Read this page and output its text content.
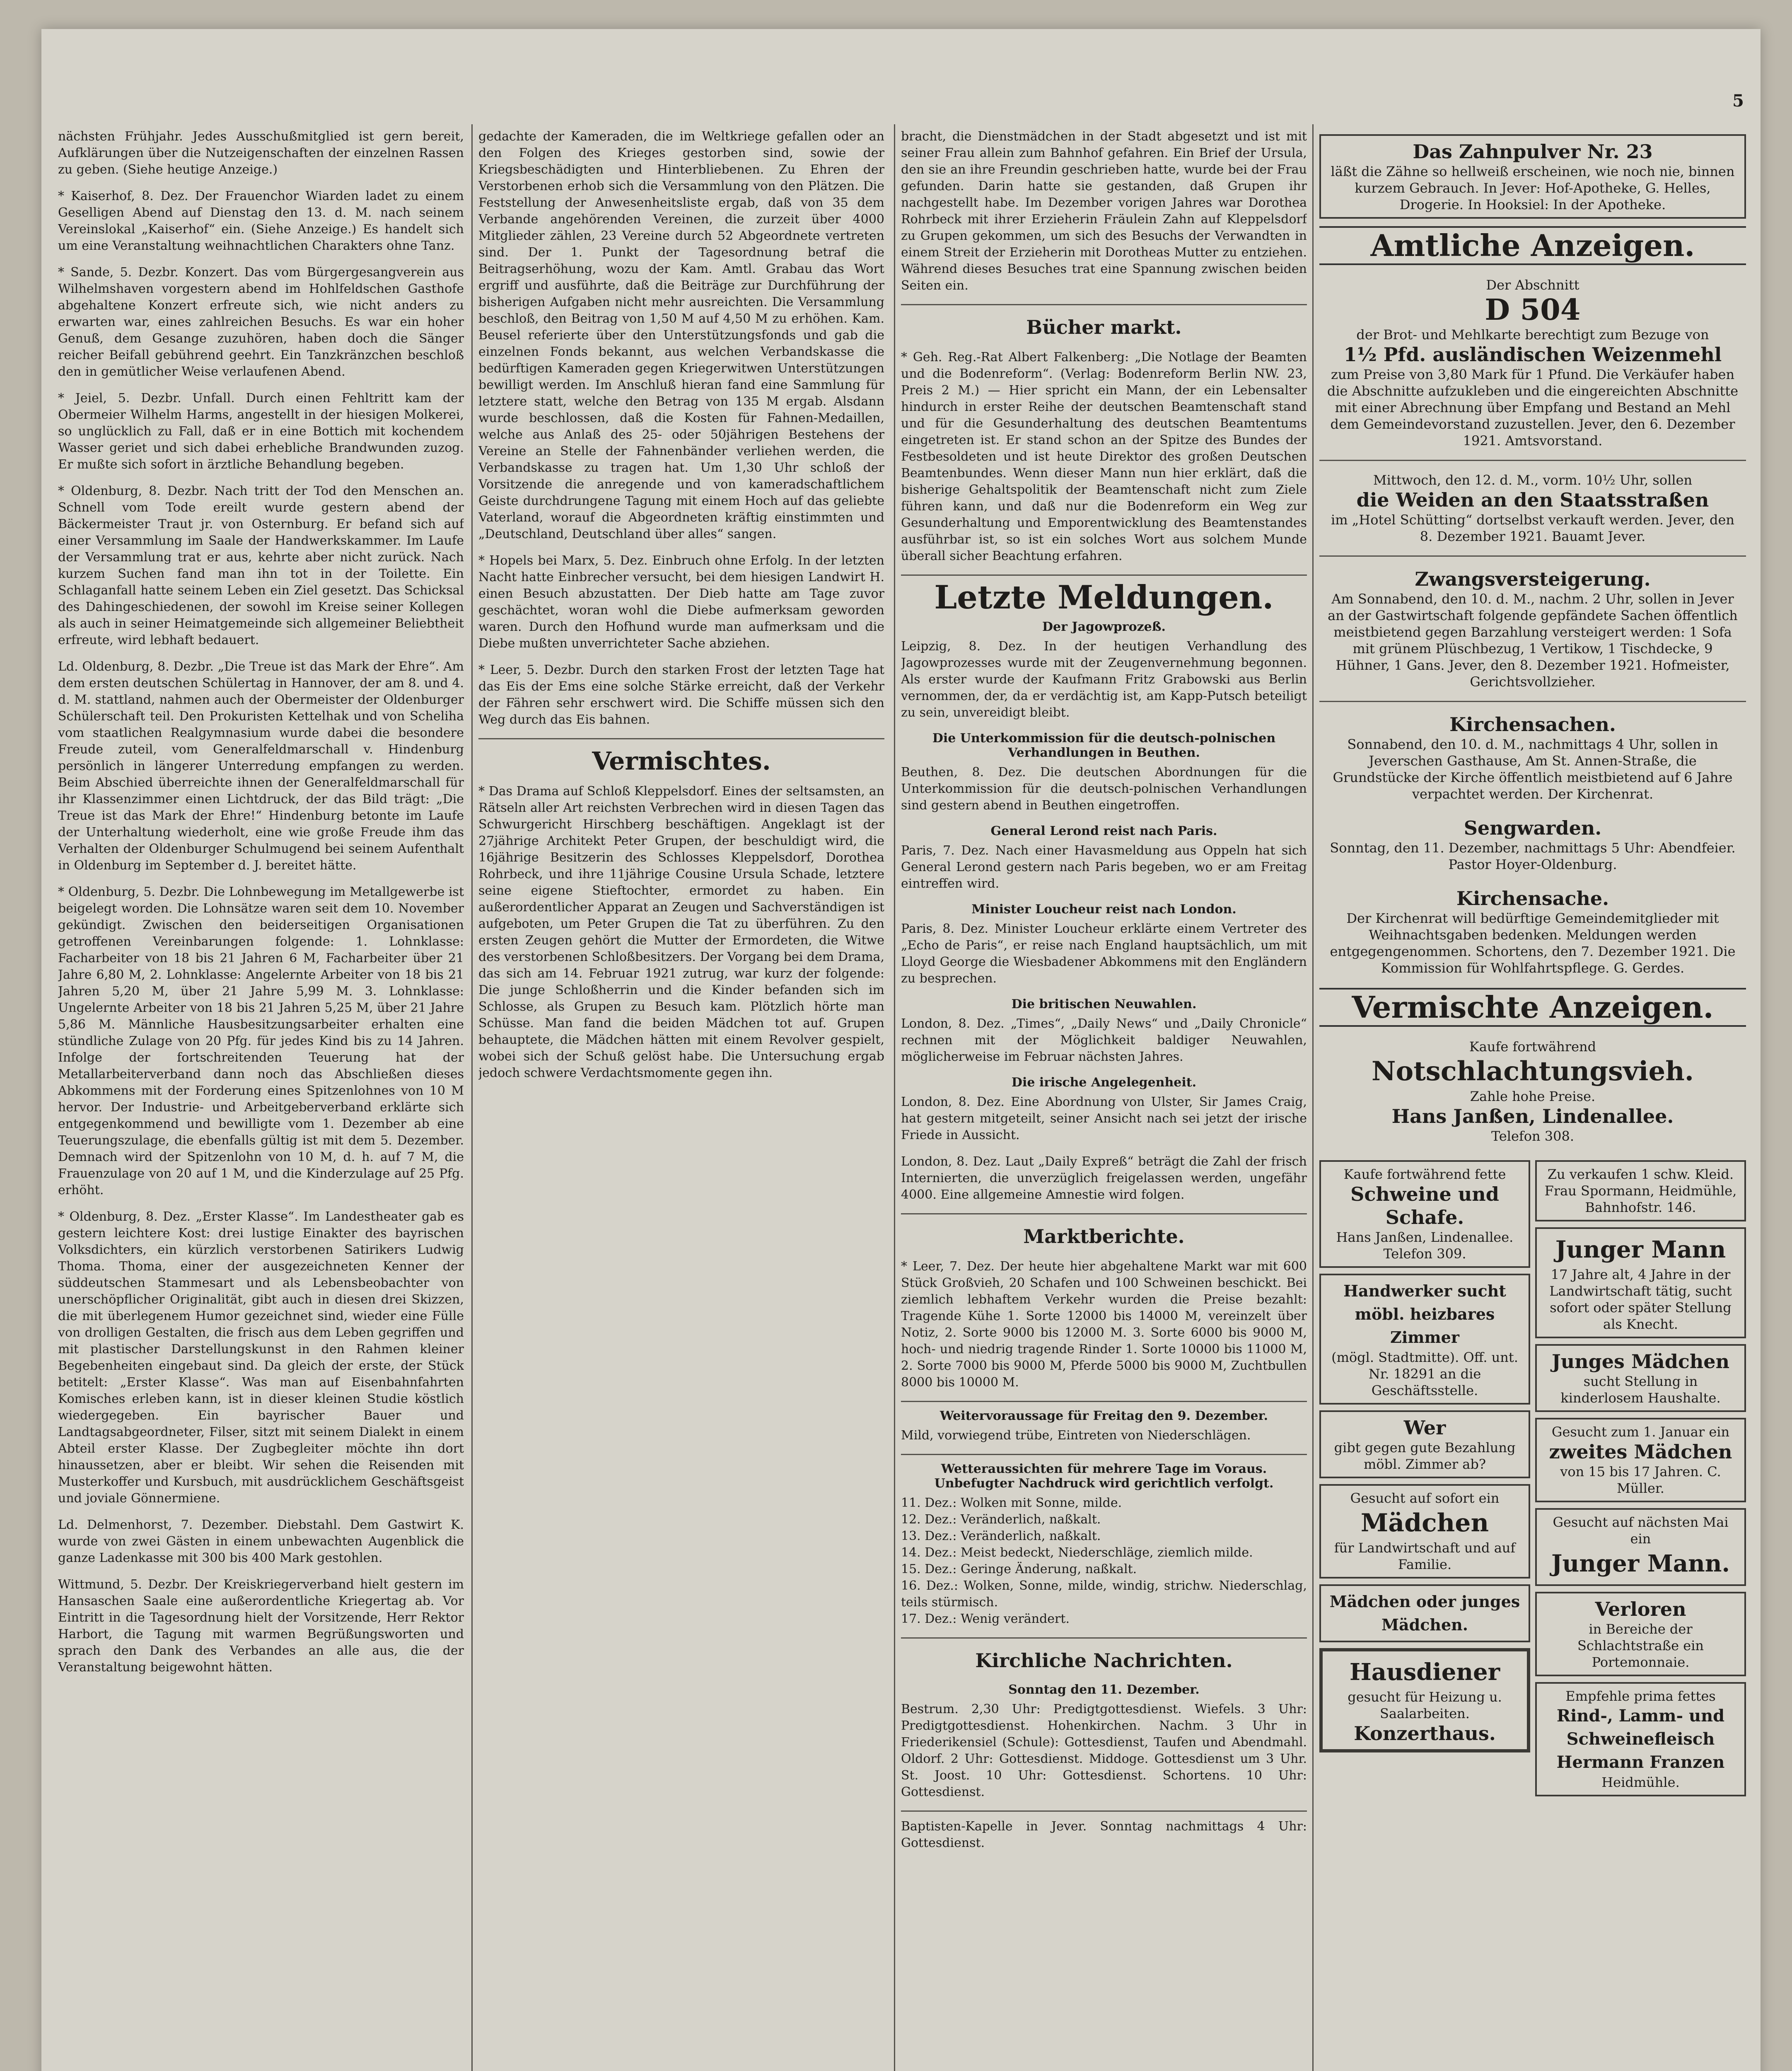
nächsten Frühjahr. Jedes Ausschußmitglied ist gern bereit, Aufklärungen über die Nutzeigenschaften der einzelnen Rassen zu geben. (Siehe heutige Anzeige.)

* Kaiserhof, 8. Dez. Der Frauenchor Wiarden ladet zu einem Geselligen Abend auf Dienstag den 13. d. M. nach seinem Vereinslokal „Kaiserhof“ ein. (Siehe Anzeige.) Es handelt sich um eine Veranstaltung weihnachtlichen Charakters ohne Tanz.

* Sande, 5. Dezbr. Konzert. Das vom Bürgergesangverein aus Wilhelmshaven vorgestern abend im Hohlfeldschen Gasthofe abgehaltene Konzert erfreute sich, wie nicht anders zu erwarten war, eines zahlreichen Besuchs. Es war ein hoher Genuß, dem Gesange zuzuhören, haben doch die Sänger reicher Beifall gebührend geehrt. Ein Tanzkränzchen beschloß den in gemütlicher Weise verlaufenen Abend.

* Jeiel, 5. Dezbr. Unfall. Durch einen Fehltritt kam der Obermeier Wilhelm Harms, angestellt in der hiesigen Molkerei, so unglücklich zu Fall, daß er in eine Bottich mit kochendem Wasser geriet und sich dabei erhebliche Brandwunden zuzog. Er mußte sich sofort in ärztliche Behandlung begeben.

* Oldenburg, 8. Dezbr. Nach tritt der Tod den Menschen an. Schnell vom Tode ereilt wurde gestern abend der Bäckermeister Traut jr. von Osternburg. Er befand sich auf einer Versammlung im Saale der Handwerkskammer. Im Laufe der Versammlung trat er aus, kehrte aber nicht zurück. Nach kurzem Suchen fand man ihn tot in der Toilette. Ein Schlaganfall hatte seinem Leben ein Ziel gesetzt. Das Schicksal des Dahingeschiedenen, der sowohl im Kreise seiner Kollegen als auch in seiner Heimatgemeinde sich allgemeiner Beliebtheit erfreute, wird lebhaft bedauert.

Ld. Oldenburg, 8. Dezbr. „Die Treue ist das Mark der Ehre“. Am dem ersten deutschen Schülertag in Hannover, der am 8. und 4. d. M. stattland, nahmen auch der Obermeister der Oldenburger Schülerschaft teil. Den Prokuristen Kettelhak und von Scheliha vom staatlichen Realgymnasium wurde dabei die besondere Freude zuteil, vom Generalfeldmarschall v. Hindenburg persönlich in längerer Unterredung empfangen zu werden. Beim Abschied überreichte ihnen der Generalfeldmarschall für ihr Klassenzimmer einen Lichtdruck, der das Bild trägt: „Die Treue ist das Mark der Ehre!“ Hindenburg betonte im Laufe der Unterhaltung wiederholt, eine wie große Freude ihm das Verhalten der Oldenburger Schulmugend bei seinem Aufenthalt in Oldenburg im September d. J. bereitet hätte.

* Oldenburg, 5. Dezbr. Die Lohnbewegung im Metallgewerbe ist beigelegt worden. Die Lohnsätze waren seit dem 10. November gekündigt. Zwischen den beiderseitigen Organisationen getroffenen Vereinbarungen folgende: 1. Lohnklasse: Facharbeiter von 18 bis 21 Jahren 6 M, Facharbeiter über 21 Jahre 6,80 M, 2. Lohnklasse: Angelernte Arbeiter von 18 bis 21 Jahren 5,20 M, über 21 Jahre 5,99 M. 3. Lohnklasse: Ungelernte Arbeiter von 18 bis 21 Jahren 5,25 M, über 21 Jahre 5,86 M. Männliche Hausbesitzungsarbeiter erhalten eine stündliche Zulage von 20 Pfg. für jedes Kind bis zu 14 Jahren. Infolge der fortschreitenden Teuerung hat der Metallarbeiterverband dann noch das Abschließen dieses Abkommens mit der Forderung eines Spitzenlohnes von 10 M hervor. Der Industrie- und Arbeitgeberverband erklärte sich entgegenkommend und bewilligte vom 1. Dezember ab eine Teuerungszulage, die ebenfalls gültig ist mit dem 5. Dezember. Demnach wird der Spitzenlohn von 10 M, d. h. auf 7 M, die Frauenzulage von 20 auf 1 M, und die Kinderzulage auf 25 Pfg. erhöht.

* Oldenburg, 8. Dez. „Erster Klasse“. Im Landestheater gab es gestern leichtere Kost: drei lustige Einakter des bayrischen Volksdichters, ein kürzlich verstorbenen Satirikers Ludwig Thoma. Thoma, einer der ausgezeichneten Kenner der süddeutschen Stammesart und als Lebensbeobachter von unerschöpflicher Originalität, gibt auch in diesen drei Skizzen, die mit überlegenem Humor gezeichnet sind, wieder eine Fülle von drolligen Gestalten, die frisch aus dem Leben gegriffen und mit plastischer Darstellungskunst in den Rahmen kleiner Begebenheiten eingebaut sind. Da gleich der erste, der Stück betitelt: „Erster Klasse“. Was man auf Eisenbahnfahrten Komisches erleben kann, ist in dieser kleinen Studie köstlich wiedergegeben. Ein bayrischer Bauer und Landtagsabgeordneter, Filser, sitzt mit seinem Dialekt in einem Abteil erster Klasse. Der Zugbegleiter möchte ihn dort hinaussetzen, aber er bleibt. Wir sehen die Reisenden mit Musterkoffer und Kursbuch, mit ausdrücklichem Geschäftsgeist und joviale Gönnermiene.

Ld. Delmenhorst, 7. Dezember. Diebstahl. Dem Gastwirt K. wurde von zwei Gästen in einem unbewachten Augenblick die ganze Ladenkasse mit 300 bis 400 Mark gestohlen.

Wittmund, 5. Dezbr. Der Kreiskriegerverband hielt gestern im Hansaschen Saale eine außerordentliche Kriegertag ab. Vor Eintritt in die Tagesordnung hielt der Vorsitzende, Herr Rektor Harbort, die Tagung mit warmen Begrüßungsworten und sprach den Dank des Verbandes an alle aus, die der Veranstaltung beigewohnt hätten.

gedachte der Kameraden, die im Weltkriege gefallen oder an den Folgen des Krieges gestorben sind, sowie der Kriegsbeschädigten und Hinterbliebenen. Zu Ehren der Verstorbenen erhob sich die Versammlung von den Plätzen. Die Feststellung der Anwesenheitsliste ergab, daß von 35 dem Verbande angehörenden Vereinen, die zurzeit über 4000 Mitglieder zählen, 23 Vereine durch 52 Abgeordnete vertreten sind. Der 1. Punkt der Tagesordnung betraf die Beitragserhöhung, wozu der Kam. Amtl. Grabau das Wort ergriff und ausführte, daß die Beiträge zur Durchführung der bisherigen Aufgaben nicht mehr ausreichten. Die Versammlung beschloß, den Beitrag von 1,50 M auf 4,50 M zu erhöhen. Kam. Beusel referierte über den Unterstützungsfonds und gab die einzelnen Fonds bekannt, aus welchen Verbandskasse die bedürftigen Kameraden gegen Kriegerwitwen Unterstützungen bewilligt werden. Im Anschluß hieran fand eine Sammlung für letztere statt, welche den Betrag von 135 M ergab. Alsdann wurde beschlossen, daß die Kosten für Fahnen-Medaillen, welche aus Anlaß des 25- oder 50jährigen Bestehens der Vereine an Stelle der Fahnenbänder verliehen werden, die Verbandskasse zu tragen hat. Um 1,30 Uhr schloß der Vorsitzende die anregende und von kameradschaftlichem Geiste durchdrungene Tagung mit einem Hoch auf das geliebte Vaterland, worauf die Abgeordneten kräftig einstimmten und „Deutschland, Deutschland über alles“ sangen.

* Hopels bei Marx, 5. Dez. Einbruch ohne Erfolg. In der letzten Nacht hatte Einbrecher versucht, bei dem hiesigen Landwirt H. einen Besuch abzustatten. Der Dieb hatte am Tage zuvor geschächtet, woran wohl die Diebe aufmerksam geworden waren. Durch den Hofhund wurde man aufmerksam und die Diebe mußten unverrichteter Sache abziehen.

* Leer, 5. Dezbr. Durch den starken Frost der letzten Tage hat das Eis der Ems eine solche Stärke erreicht, daß der Verkehr der Fähren sehr erschwert wird. Die Schiffe müssen sich den Weg durch das Eis bahnen.

Vermischtes.

* Das Drama auf Schloß Kleppelsdorf. Eines der seltsamsten, an Rätseln aller Art reichsten Verbrechen wird in diesen Tagen das Schwurgericht Hirschberg beschäftigen. Angeklagt ist der 27jährige Architekt Peter Grupen, der beschuldigt wird, die 16jährige Besitzerin des Schlosses Kleppelsdorf, Dorothea Rohrbeck, und ihre 11jährige Cousine Ursula Schade, letztere seine eigene Stieftochter, ermordet zu haben. Ein außerordentlicher Apparat an Zeugen und Sachverständigen ist aufgeboten, um Peter Grupen die Tat zu überführen. Zu den ersten Zeugen gehört die Mutter der Ermordeten, die Witwe des verstorbenen Schloßbesitzers. Der Vorgang bei dem Drama, das sich am 14. Februar 1921 zutrug, war kurz der folgende: Die junge Schloßherrin und die Kinder befanden sich im Schlosse, als Grupen zu Besuch kam. Plötzlich hörte man Schüsse. Man fand die beiden Mädchen tot auf. Grupen behauptete, die Mädchen hätten mit einem Revolver gespielt, wobei sich der Schuß gelöst habe. Die Untersuchung ergab jedoch schwere Verdachtsmomente gegen ihn.

bracht, die Dienstmädchen in der Stadt abgesetzt und ist mit seiner Frau allein zum Bahnhof gefahren. Ein Brief der Ursula, den sie an ihre Freundin geschrieben hatte, wurde bei der Frau gefunden. Darin hatte sie gestanden, daß Grupen ihr nachgestellt habe. Im Dezember vorigen Jahres war Dorothea Rohrbeck mit ihrer Erzieherin Fräulein Zahn auf Kleppelsdorf zu Grupen gekommen, um sich des Besuchs der Verwandten in einem Streit der Erzieherin mit Dorotheas Mutter zu entziehen. Während dieses Besuches trat eine Spannung zwischen beiden Seiten ein.

Bücher markt.

* Geh. Reg.-Rat Albert Falkenberg: „Die Notlage der Beamten und die Bodenreform“. (Verlag: Bodenreform Berlin NW. 23, Preis 2 M.) — Hier spricht ein Mann, der ein Lebensalter hindurch in erster Reihe der deutschen Beamtenschaft stand und für die Gesunderhaltung des deutschen Beamtentums eingetreten ist. Er stand schon an der Spitze des Bundes der Festbesoldeten und ist heute Direktor des großen Deutschen Beamtenbundes. Wenn dieser Mann nun hier erklärt, daß die bisherige Gehaltspolitik der Beamtenschaft nicht zum Ziele führen kann, und daß nur die Bodenreform ein Weg zur Gesunderhaltung und Emporentwicklung des Beamtenstandes ausführbar ist, so ist ein solches Wort aus solchem Munde überall sicher Beachtung erfahren.

Letzte Meldungen.
Der Jagowprozeß.

Leipzig, 8. Dez. In der heutigen Verhandlung des Jagowprozesses wurde mit der Zeugenvernehmung begonnen. Als erster wurde der Kaufmann Fritz Grabowski aus Berlin vernommen, der, da er verdächtig ist, am Kapp-Putsch beteiligt zu sein, unvereidigt bleibt.

Die Unterkommission für die deutsch-polnischen Verhandlungen in Beuthen.

Beuthen, 8. Dez. Die deutschen Abordnungen für die Unterkommission für die deutsch-polnischen Verhandlungen sind gestern abend in Beuthen eingetroffen.

General Lerond reist nach Paris.

Paris, 7. Dez. Nach einer Havasmeldung aus Oppeln hat sich General Lerond gestern nach Paris begeben, wo er am Freitag eintreffen wird.

Minister Loucheur reist nach London.

Paris, 8. Dez. Minister Loucheur erklärte einem Vertreter des „Echo de Paris“, er reise nach England hauptsächlich, um mit Lloyd George die Wiesbadener Abkommens mit den Engländern zu besprechen.

Die britischen Neuwahlen.

London, 8. Dez. „Times“, „Daily News“ und „Daily Chronicle“ rechnen mit der Möglichkeit baldiger Neuwahlen, möglicherweise im Februar nächsten Jahres.

Die irische Angelegenheit.

London, 8. Dez. Eine Abordnung von Ulster, Sir James Craig, hat gestern mitgeteilt, seiner Ansicht nach sei jetzt der irische Friede in Aussicht.

London, 8. Dez. Laut „Daily Expreß“ beträgt die Zahl der frisch Internierten, die unverzüglich freigelassen werden, ungefähr 4000. Eine allgemeine Amnestie wird folgen.

Marktberichte.

* Leer, 7. Dez. Der heute hier abgehaltene Markt war mit 600 Stück Großvieh, 20 Schafen und 100 Schweinen beschickt. Bei ziemlich lebhaftem Verkehr wurden die Preise bezahlt: Tragende Kühe 1. Sorte 12000 bis 14000 M, vereinzelt über Notiz, 2. Sorte 9000 bis 12000 M. 3. Sorte 6000 bis 9000 M, hoch- und niedrig tragende Rinder 1. Sorte 10000 bis 11000 M, 2. Sorte 7000 bis 9000 M, Pferde 5000 bis 9000 M, Zuchtbullen 8000 bis 10000 M.

Weitervoraussage für Freitag den 9. Dezember.

Mild, vorwiegend trübe, Eintreten von Niederschlägen.

Wetteraussichten für mehrere Tage im Voraus. Unbefugter Nachdruck wird gerichtlich verfolgt.

11. Dez.: Wolken mit Sonne, milde.

12. Dez.: Veränderlich, naßkalt.

13. Dez.: Veränderlich, naßkalt.

14. Dez.: Meist bedeckt, Niederschläge, ziemlich milde.

15. Dez.: Geringe Änderung, naßkalt.

16. Dez.: Wolken, Sonne, milde, windig, strichw. Niederschlag, teils stürmisch.

17. Dez.: Wenig verändert.

Kirchliche Nachrichten.
Sonntag den 11. Dezember.

Bestrum. 2,30 Uhr: Predigtgottesdienst. Wiefels. 3 Uhr: Predigtgottesdienst. Hohenkirchen. Nachm. 3 Uhr in Friederikensiel (Schule): Gottesdienst, Taufen und Abendmahl. Oldorf. 2 Uhr: Gottesdienst. Middoge. Gottesdienst um 3 Uhr. St. Joost. 10 Uhr: Gottesdienst. Schortens. 10 Uhr: Gottesdienst.

Baptisten-Kapelle in Jever. Sonntag nachmittags 4 Uhr: Gottesdienst.

Das Zahnpulver Nr. 23
läßt die Zähne so hellweiß erscheinen, wie noch nie, binnen kurzem Gebrauch. In Jever: Hof-Apotheke, G. Helles, Drogerie. In Hooksiel: In der Apotheke.
Amtliche Anzeigen.
Der Abschnitt
D 504
der Brot- und Mehlkarte berechtigt zum Bezuge von
1½ Pfd. ausländischen Weizenmehl
zum Preise von 3,80 Mark für 1 Pfund. Die Verkäufer haben die Abschnitte aufzukleben und die eingereichten Abschnitte mit einer Abrechnung über Empfang und Bestand an Mehl dem Gemeindevorstand zuzustellen. Jever, den 6. Dezember 1921. Amtsvorstand.
Mittwoch, den 12. d. M., vorm. 10½ Uhr, sollen
die Weiden an den Staatsstraßen
im „Hotel Schütting“ dortselbst verkauft werden. Jever, den 8. Dezember 1921. Bauamt Jever.
Zwangsversteigerung.
Am Sonnabend, den 10. d. M., nachm. 2 Uhr, sollen in Jever an der Gastwirtschaft folgende gepfändete Sachen öffentlich meistbietend gegen Barzahlung versteigert werden: 1 Sofa mit grünem Plüschbezug, 1 Vertikow, 1 Tischdecke, 9 Hühner, 1 Gans. Jever, den 8. Dezember 1921. Hofmeister, Gerichtsvollzieher.
Kirchensachen.
Sonnabend, den 10. d. M., nachmittags 4 Uhr, sollen in Jeverschen Gasthause, Am St. Annen-Straße, die Grundstücke der Kirche öffentlich meistbietend auf 6 Jahre verpachtet werden. Der Kirchenrat.
Sengwarden.
Sonntag, den 11. Dezember, nachmittags 5 Uhr: Abendfeier. Pastor Hoyer-Oldenburg.
Kirchensache.
Der Kirchenrat will bedürftige Gemeindemitglieder mit Weihnachtsgaben bedenken. Meldungen werden entgegengenommen. Schortens, den 7. Dezember 1921. Die Kommission für Wohlfahrtspflege. G. Gerdes.
Vermischte Anzeigen.
Kaufe fortwährend
Notschlachtungsvieh.
Zahle hohe Preise.
Hans Janßen, Lindenallee.
Telefon 308.
Kaufe fortwährend fette
Schweine und Schafe.
Hans Janßen, Lindenallee. Telefon 309.
Handwerker sucht möbl. heizbares Zimmer
(mögl. Stadtmitte). Off. unt. Nr. 18291 an die Geschäftsstelle.
Wer
gibt gegen gute Bezahlung möbl. Zimmer ab?
Gesucht auf sofort ein
Mädchen
für Landwirtschaft und auf Familie.
Mädchen oder junges Mädchen.
Hausdiener
gesucht für Heizung u. Saalarbeiten.
Konzerthaus.
Zu verkaufen 1 schw. Kleid. Frau Spormann, Heidmühle, Bahnhofstr. 146.
Junger Mann
17 Jahre alt, 4 Jahre in der Landwirtschaft tätig, sucht sofort oder später Stellung als Knecht.
Junges Mädchen
sucht Stellung in kinderlosem Haushalte.
Gesucht zum 1. Januar ein
zweites Mädchen
von 15 bis 17 Jahren. C. Müller.
Gesucht auf nächsten Mai ein
Junger Mann.
Verloren
in Bereiche der Schlachtstraße ein Portemonnaie.
Empfehle prima fettes
Rind-, Lamm- und Schweinefleisch
Hermann Franzen
Heidmühle.
5
